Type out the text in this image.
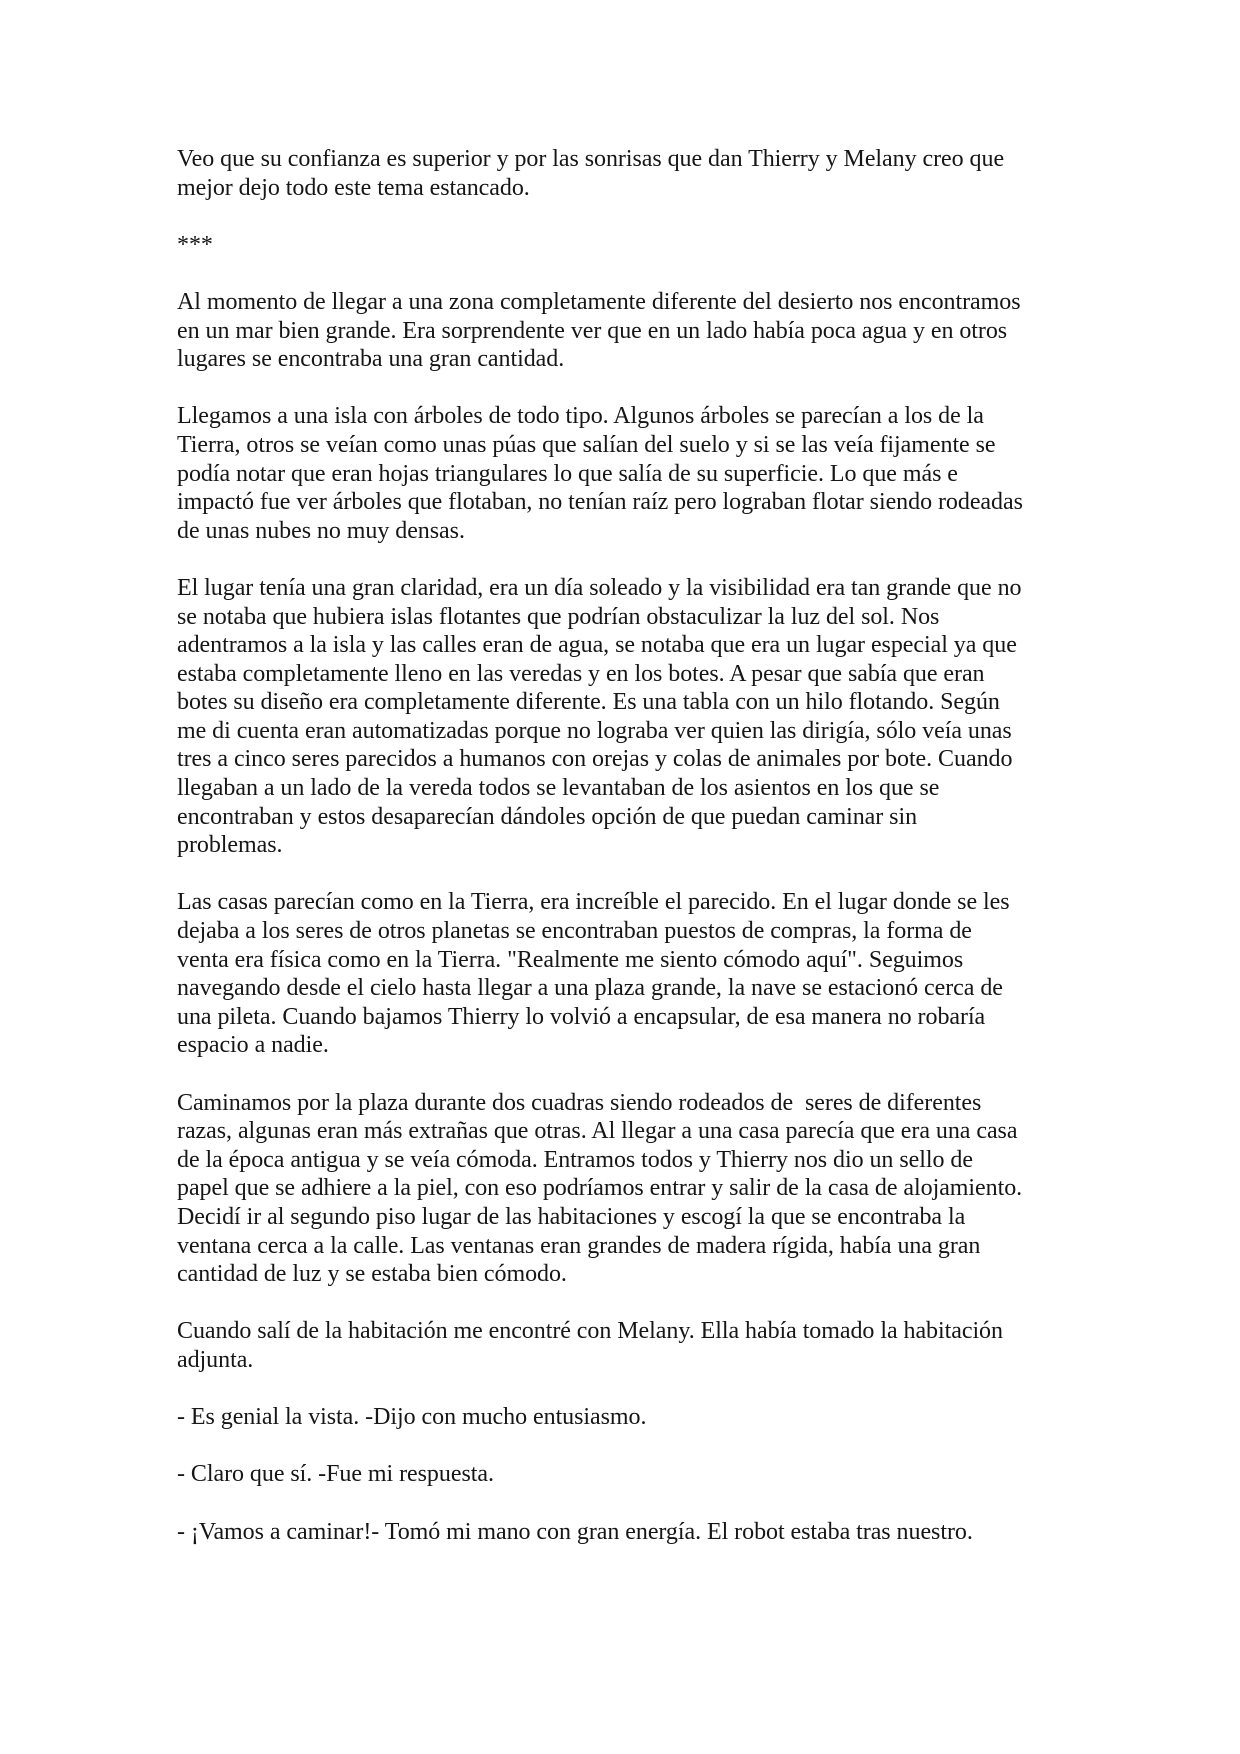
Veo que su confianza es superior y por las sonrisas que dan Thierry y Melany creo que
mejor dejo todo este tema estancado.

***

Al momento de llegar a una zona completamente diferente del desierto nos encontramos
en un mar bien grande. Era sorprendente ver que en un lado había poca agua y en otros
lugares se encontraba una gran cantidad.

Llegamos a una isla con árboles de todo tipo. Algunos árboles se parecían a los de la
Tierra, otros se veían como unas púas que salían del suelo y si se las veía fijamente se
podía notar que eran hojas triangulares lo que salía de su superficie. Lo que más e
impactó fue ver árboles que flotaban, no tenían raíz pero lograban flotar siendo rodeadas
de unas nubes no muy densas.

El lugar tenía una gran claridad, era un día soleado y la visibilidad era tan grande que no
se notaba que hubiera islas flotantes que podrían obstaculizar la luz del sol. Nos
adentramos a la isla y las calles eran de agua, se notaba que era un lugar especial ya que
estaba completamente lleno en las veredas y en los botes. A pesar que sabía que eran
botes su diseño era completamente diferente. Es una tabla con un hilo flotando. Según
me di cuenta eran automatizadas porque no lograba ver quien las dirigía, sólo veía unas
tres a cinco seres parecidos a humanos con orejas y colas de animales por bote. Cuando
llegaban a un lado de la vereda todos se levantaban de los asientos en los que se
encontraban y estos desaparecían dándoles opción de que puedan caminar sin
problemas.

Las casas parecían como en la Tierra, era increíble el parecido. En el lugar donde se les
dejaba a los seres de otros planetas se encontraban puestos de compras, la forma de
venta era física como en la Tierra. "Realmente me siento cómodo aquí". Seguimos
navegando desde el cielo hasta llegar a una plaza grande, la nave se estacionó cerca de
una pileta. Cuando bajamos Thierry lo volvió a encapsular, de esa manera no robaría
espacio a nadie.

Caminamos por la plaza durante dos cuadras siendo rodeados de  seres de diferentes
razas, algunas eran más extrañas que otras. Al llegar a una casa parecía que era una casa
de la época antigua y se veía cómoda. Entramos todos y Thierry nos dio un sello de
papel que se adhiere a la piel, con eso podríamos entrar y salir de la casa de alojamiento.
Decidí ir al segundo piso lugar de las habitaciones y escogí la que se encontraba la
ventana cerca a la calle. Las ventanas eran grandes de madera rígida, había una gran
cantidad de luz y se estaba bien cómodo.

Cuando salí de la habitación me encontré con Melany. Ella había tomado la habitación
adjunta.

- Es genial la vista. -Dijo con mucho entusiasmo.

- Claro que sí. -Fue mi respuesta.

- ¡Vamos a caminar!- Tomó mi mano con gran energía. El robot estaba tras nuestro.
